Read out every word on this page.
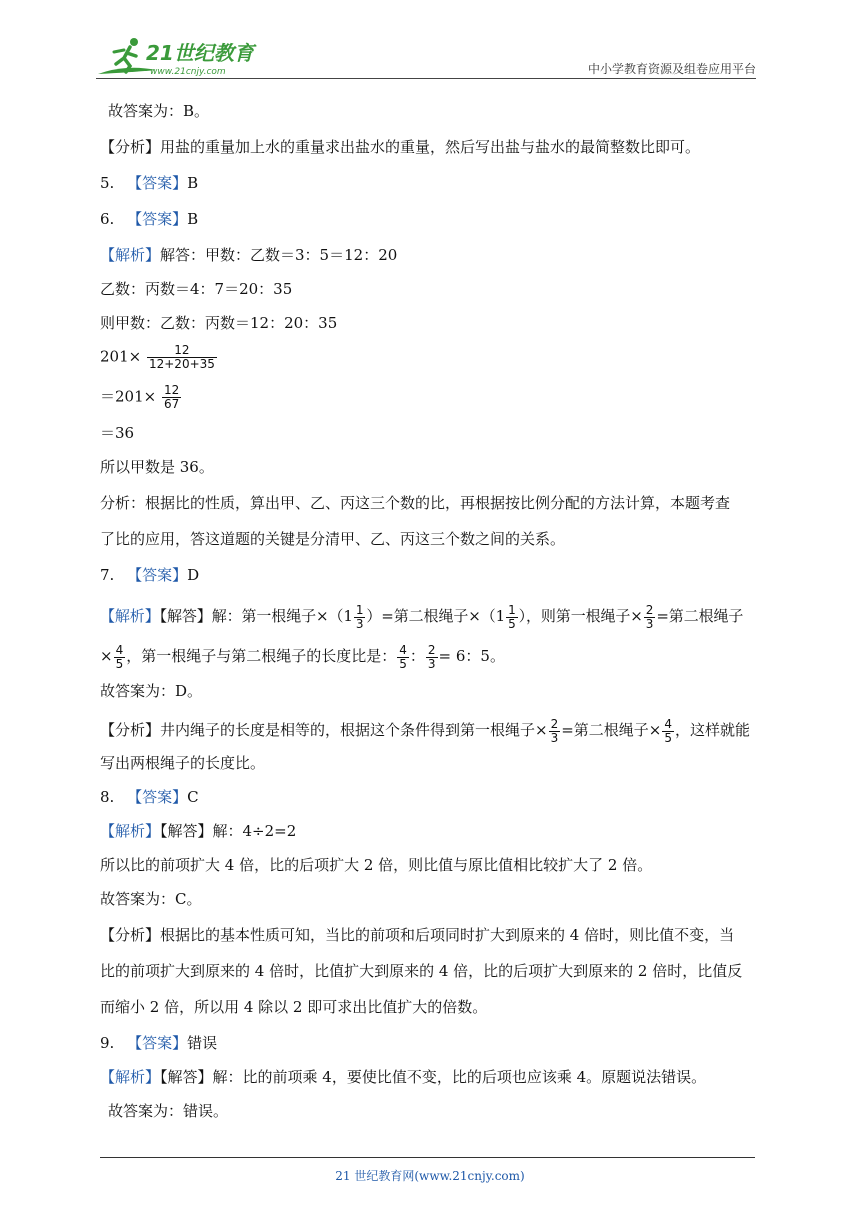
21世纪教育
www.21cnjy.com	中小学教育资源及组卷应用平台
故答案为：B。
【分析】用盐的重量加上水的重量求出盐水的重量，然后写出盐与盐水的最简整数比即可。
5. 【答案】B
6. 【答案】B
【解析】解答：甲数：乙数＝3：5＝12：20
乙数：丙数＝4：7＝20：35
则甲数：乙数：丙数＝12：20：35
$201\times \frac{12}{12+20+35}$
$=201\times \frac{12}{67}$
＝36
所以甲数是 36。
分析：根据比的性质，算出甲、乙、丙这三个数的比，再根据按比例分配的方法计算，本题考查
了比的应用，答这道题的关键是分清甲、乙、丙这三个数之间的关系。
7. 【答案】D
【解析】【解答】解：第一根绳子$\times(1 \frac{1}{3}$ ）=第二根绳子$\times(1 \frac{1}{5}$ ），则第一根绳子× $\frac{2}{3}$ =第二根绳子
× $\frac{4}{5}$ ，第一根绳子与第二根绳子的长度比是： $\frac{4}{5}$ ： $\frac{2}{3} = 6$：5。
故答案为：D。
【分析】井内绳子的长度是相等的，根据这个条件得到第一根绳子× $\frac{2}{3}$ =第二根绳子× $\frac{4}{5}$ ，这样就能
写出两根绳子的长度比。
8. 【答案】C
【解析】【解答】解：4÷2=2
所以比的前项扩大 4 倍，比的后项扩大 2 倍，则比值与原比值相比较扩大了 2 倍。
故答案为：C。
【分析】根据比的基本性质可知，当比的前项和后项同时扩大到原来的 4 倍时，则比值不变，当
比的前项扩大到原来的 4 倍时，比值扩大到原来的 4 倍，比的后项扩大到原来的 2 倍时，比值反
而缩小 2 倍，所以用 4 除以 2 即可求出比值扩大的倍数。
9. 【答案】错误
【解析】【解答】解：比的前项乘 4，要使比值不变，比的后项也应该乘 4。原题说法错误。
故答案为：错误。
21 世纪教育网(www.21cnjy.com)
